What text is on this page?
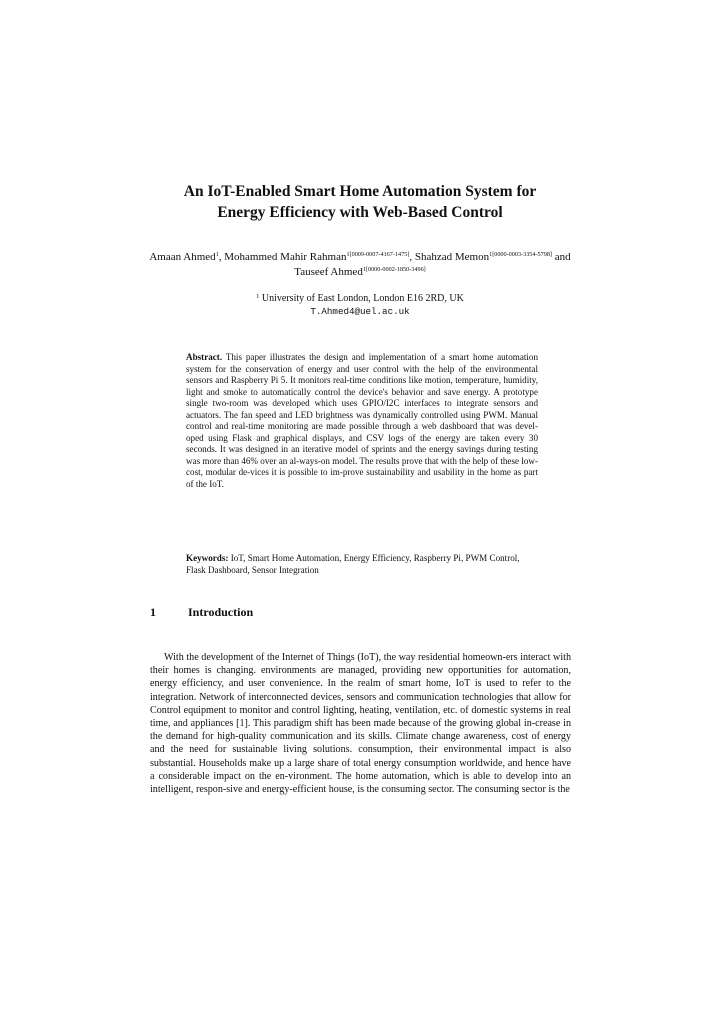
An IoT-Enabled Smart Home Automation System for
Energy Efficiency with Web-Based Control
Amaan Ahmed$^1$, Mohammed Mahir Rahman$^{1[0009-0007-4167-1475]}$, Shahzad Memon$^{1[0000-0003-3354-5798]}$ and Tauseef Ahmed$^{1[0000-0002-1850-3496]}$
$^1$ University of East London, London E16 2RD, UK
T.Ahmed4@uel.ac.uk
Abstract. This paper illustrates the design and implementation of a smart home automation system for the conservation of energy and user control with the help of the environmental sensors and Raspberry Pi 5. It monitors real-time conditions like motion, temperature, humidity, light and smoke to automatically control the device's behavior and save energy. A prototype single two-room was developed which uses GPIO/I2C interfaces to integrate sensors and actuators. The fan speed and LED brightness was dynamically controlled using PWM. Manual control and real-time monitoring are made possible through a web dashboard that was devel-oped using Flask and graphical displays, and CSV logs of the energy are taken every 30 seconds. It was designed in an iterative model of sprints and the energy savings during testing was more than 46% over an al-ways-on model. The results prove that with the help of these low-cost, modular de-vices it is possible to im-prove sustainability and usability in the home as part of the IoT.
Keywords: IoT, Smart Home Automation, Energy Efficiency, Raspberry Pi, PWM Control, Flask Dashboard, Sensor Integration
1	Introduction
With the development of the Internet of Things (IoT), the way residential homeown-ers interact with their homes is changing. environments are managed, providing new opportunities for automation, energy efficiency, and user convenience. In the realm of smart home, IoT is used to refer to the integration. Network of interconnected devices, sensors and communication technologies that allow for Control equipment to monitor and control lighting, heating, ventilation, etc. of domestic systems in real time, and appliances [1]. This paradigm shift has been made because of the growing global in-crease in the demand for high-quality communication and its skills. Climate change awareness, cost of energy and the need for sustainable living solutions. consumption, their environmental impact is also substantial. Households make up a large share of total energy consumption worldwide, and hence have a considerable impact on the en-vironment. The home automation, which is able to develop into an intelligent, respon-sive and energy-efficient house, is the consuming sector. The consuming sector is the
